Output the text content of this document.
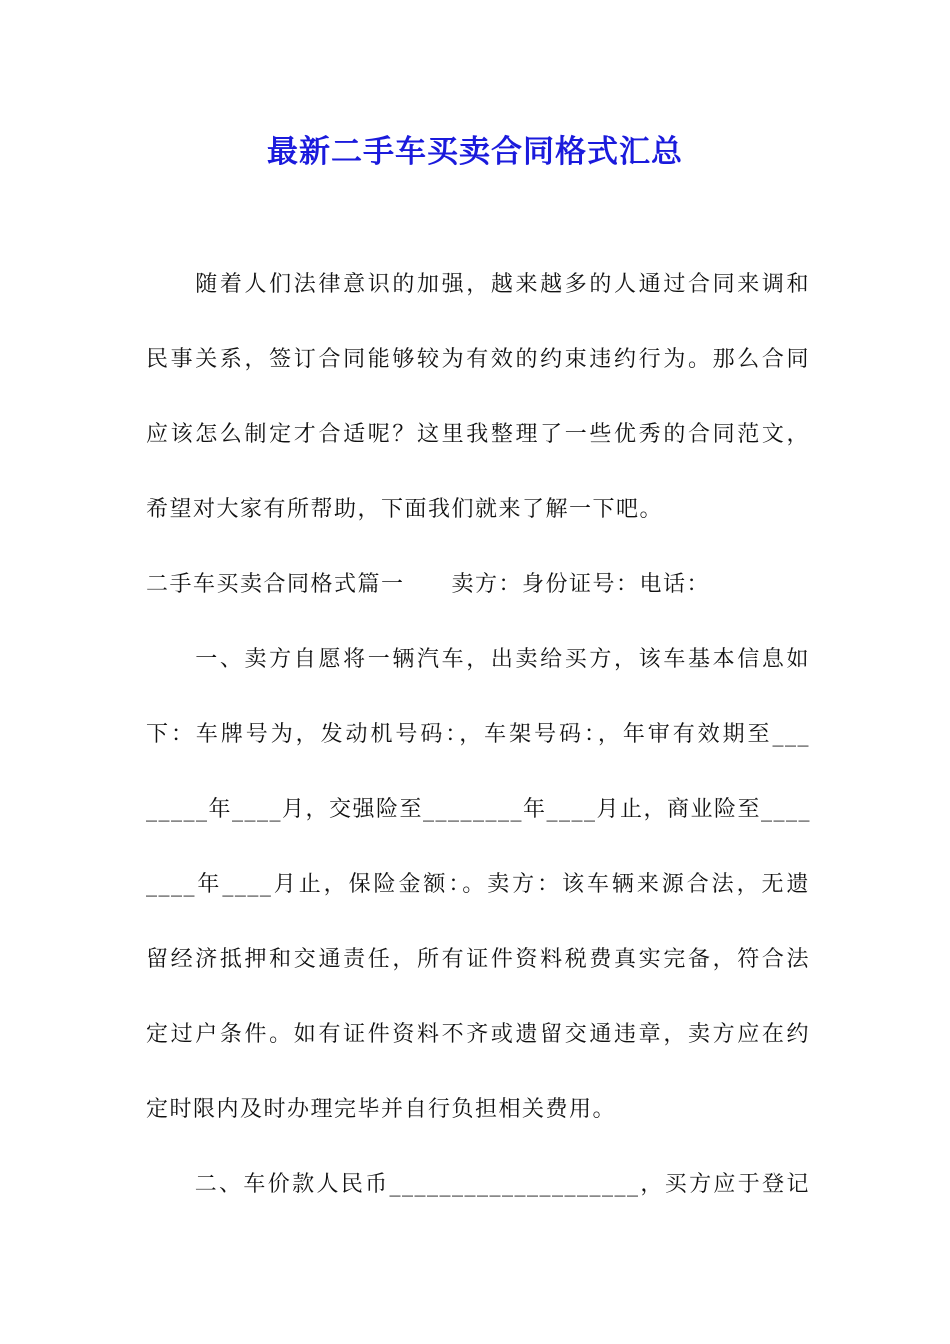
最新二手车买卖合同格式汇总
　　随着人们法律意识的加强，越来越多的人通过合同来调和
民事关系，签订合同能够较为有效的约束违约行为。那么合同
应该怎么制定才合适呢？这里我整理了一些优秀的合同范文，
希望对大家有所帮助，下面我们就来了解一下吧。
二手车买卖合同格式篇一　　卖方：身份证号：电话：
　　一、卖方自愿将一辆汽车，出卖给买方，该车基本信息如
下：车牌号为，发动机号码：，车架号码：，年审有效期至___
_____年____月，交强险至________年____月止，商业险至____
____年____月止，保险金额：。卖方：该车辆来源合法，无遗
留经济抵押和交通责任，所有证件资料税费真实完备，符合法
定过户条件。如有证件资料不齐或遗留交通违章，卖方应在约
定时限内及时办理完毕并自行负担相关费用。
　　二、车价款人民币____________________，买方应于登记
